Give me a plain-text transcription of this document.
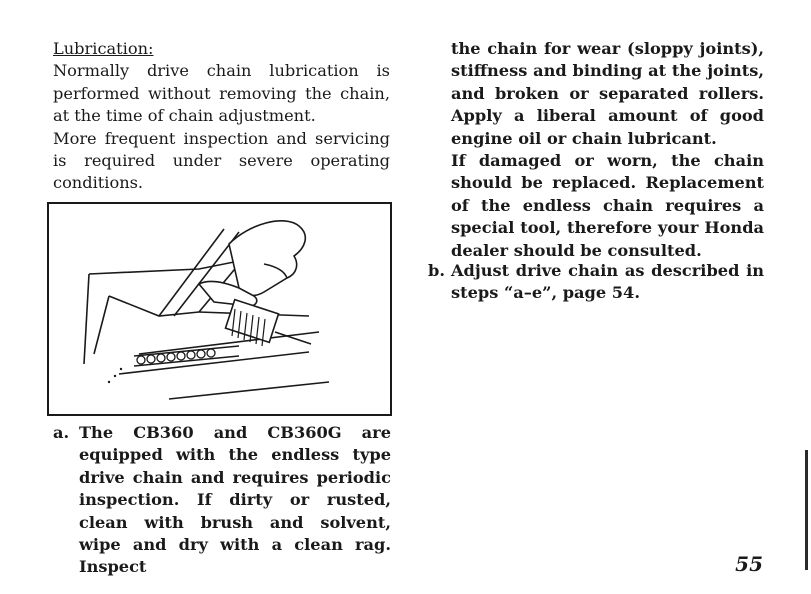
Lubrication:

Normally drive chain lubrication is performed without removing the chain, at the time of chain adjustment.

More frequent inspection and servicing is required under severe operating conditions.

a. The CB360 and CB360G are equipped with the endless type drive chain and requires periodic inspection. If dirty or rusted, clean with brush and solvent, wipe and dry with a clean rag. Inspect

the chain for wear (sloppy joints), stiffness and binding at the joints, and broken or separated rollers. Apply a liberal amount of good engine oil or chain lubricant.

If damaged or worn, the chain should be replaced. Replacement of the endless chain requires a special tool, therefore your Honda dealer should be consulted.

b. Adjust drive chain as described in steps “a–e”, page 54.

55
